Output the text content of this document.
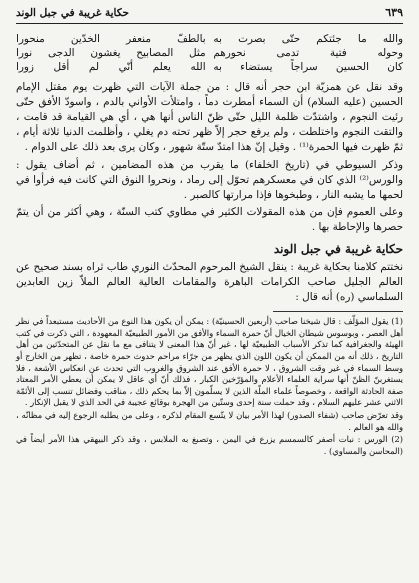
٦٣٩
حكاية غريبة في جبل الوند
والله ما جئتكم حتّى بصرت به
بالطفّ منعفر الخدّين منحورا
وحوله فتية تدمى نحورهم
مثل المصابيح يغشون الدجى نورا
كان الحسين سراجاً يستضاء به
الله يعلم أنّي لم أقل زورا

وقد نقل عن همزيّة ابن حجر أنه قال : من جملة الآيات التي ظهرت يوم مقتل الإمام الحسين (عليه السلام) أن السماء أمطرت دماً ، وامتلأت الأواني بالدم ، واسودّ الأفق حتّى رئيت النجوم ، واشتدّت ظلمة الليل حتّى ظنّ الناس أنها هي ، أي هي القيامة قد قامت ، والتقت النجوم واختلطت ، ولم يرفع حجر إلاّ ظهر تحته دم يغلي ، وأظلمت الدنيا ثلاثة أيام ، ثمّ ظهرت فيها الحمرة⁽¹⁾ . وقيل إنّ هذا امتدّ ستّة شهور ، وكان يرى بعد ذلك على الدوام .

وذكر السيوطي في (تاريخ الخلفاء) ما يقرب من هذه المضامين ، ثم أضاف يقول : والورس⁽²⁾ الذي كان في معسكرهم تحوّل إلى رماد ، ونحروا النوق التي كانت فيه فرأوا في لحمها ما يشبه النار ، وطبخوها فإذا مرارتها كالصبر .

وعلى العموم فإن من هذه المقولات الكثير في مطاوي كتب السنّة ، وهي أكثر من أن يتمّ حصرها والإحاطة بها .

حكاية غريبة في جبل الوند

نختتم كلامنا بحكاية غريبة : ينقل الشيخ المرحوم المحدّث النوري طاب ثراه بسند صحيح عن العالم الجليل صاحب الكرامات الباهرة والمقامات العالية العالم الملاّ زين العابدين السلماسي (ره) أنه قال :

(1) يقول المؤلّف : قال شيخنا صاحب (أربعين الحسينيّة) : يمكن أن يكون هذا النوع من الأحاديث مستبعداً في نظر أهل العصر ، وبوسوس شيطان الخيال أنّ حمرة السماء والأفق من الأمور الطبيعيّة المعهودة ، التي ذكرت في كتب الهيئة والجغرافية كما تذكر الأسباب الطبيعيّة لها ، غير أنّ هذا المعنى لا يتنافى مع ما نقل عن المتحدّثين من أهل التاريخ ، ذلك أنه من الممكن أن يكون اللون الذي يظهر من جرّاء مراحم حدوث حمرة خاصة ، تظهر من الخارج أو وسط السماء في غير وقت الشروق ، لا حمرة الأفق عند الشروق والغروب التي تحدث عن انعكاس الأشعة ، فلا يستغربنّ الظنّ أنها سراية العلماء الأعلام والمؤرّخين الكبار ، فذلك أنّ أي عاقل لا يمكن أن يعطي الأمر المعتاد صفة الحادثة الواقعة ، وخصوصاً علماء الملّة الذين لا يسلّمون إلاّ بما يحكم ذلك ، مناقب وفضائل تنسب إلى الأئمّة الاثني عشر عليهم السلام ، وقد حملت سنة إحدى وستّين من الهجرة بوقائع عجيبة في الحد الذي لا يقبل الإنكار .

وقد تعرّض صاحب (شفاء الصدور) لهذا الأمر بيان لا يتّسع المقام لذكره ، وعلى من يطلبه الرجوع إليه في مظانّه ، والله هو العالم .

(2) الورس : نبات أصفر كالسمسم يزرع في اليمن ، وتصبغ به الملابس ، وقد ذكر البيهقي هذا الأمر أيضاً في (المحاسن والمساوي) .
